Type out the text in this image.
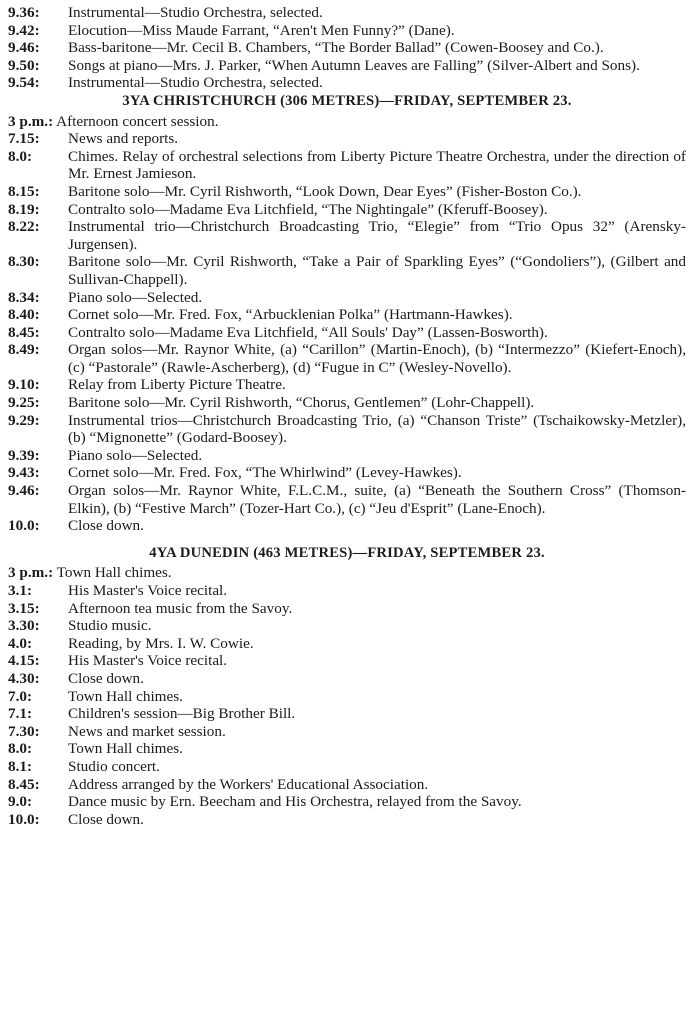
9.36: Instrumental—Studio Orchestra, selected.
9.42: Elocution—Miss Maude Farrant, “Aren't Men Funny?” (Dane).
9.46: Bass-baritone—Mr. Cecil B. Chambers, “The Border Ballad” (Cowen-Boosey and Co.).
9.50: Songs at piano—Mrs. J. Parker, “When Autumn Leaves are Falling” (Silver-Albert and Sons).
9.54: Instrumental—Studio Orchestra, selected.
3YA CHRISTCHURCH (306 METRES)—FRIDAY, SEPTEMBER 23.
3 p.m.: Afternoon concert session.
7.15: News and reports.
8.0: Chimes. Relay of orchestral selections from Liberty Picture Theatre Orchestra, under the direction of Mr. Ernest Jamieson.
8.15: Baritone solo—Mr. Cyril Rishworth, “Look Down, Dear Eyes” (Fisher-Boston Co.).
8.19: Contralto solo—Madame Eva Litchfield, “The Nightingale” (Kferuff-Boosey).
8.22: Instrumental trio—Christchurch Broadcasting Trio, “Elegie” from “Trio Opus 32” (Arensky-Jurgensen).
8.30: Baritone solo—Mr. Cyril Rishworth, “Take a Pair of Sparkling Eyes” (“Gondoliers”), (Gilbert and Sullivan-Chappell).
8.34: Piano solo—Selected.
8.40: Cornet solo—Mr. Fred. Fox, “Arbucklenian Polka” (Hartmann-Hawkes).
8.45: Contralto solo—Madame Eva Litchfield, “All Souls' Day” (Lassen-Bosworth).
8.49: Organ solos—Mr. Raynor White, (a) “Carillon” (Martin-Enoch), (b) “Intermezzo” (Kiefert-Enoch), (c) “Pastorale” (Rawle-Ascherberg), (d) “Fugue in C” (Wesley-Novello).
9.10: Relay from Liberty Picture Theatre.
9.25: Baritone solo—Mr. Cyril Rishworth, “Chorus, Gentlemen” (Lohr-Chappell).
9.29: Instrumental trios—Christchurch Broadcasting Trio, (a) “Chanson Triste” (Tschaikowsky-Metzler), (b) “Mignonette” (Godard-Boosey).
9.39: Piano solo—Selected.
9.43: Cornet solo—Mr. Fred. Fox, “The Whirlwind” (Levey-Hawkes).
9.46: Organ solos—Mr. Raynor White, F.L.C.M., suite, (a) “Beneath the Southern Cross” (Thomson-Elkin), (b) “Festive March” (Tozer-Hart Co.), (c) “Jeu d'Esprit” (Lane-Enoch).
10.0: Close down.
4YA DUNEDIN (463 METRES)—FRIDAY, SEPTEMBER 23.
3 p.m.: Town Hall chimes.
3.1: His Master's Voice recital.
3.15: Afternoon tea music from the Savoy.
3.30: Studio music.
4.0: Reading, by Mrs. I. W. Cowie.
4.15: His Master's Voice recital.
4.30: Close down.
7.0: Town Hall chimes.
7.1: Children's session—Big Brother Bill.
7.30: News and market session.
8.0: Town Hall chimes.
8.1: Studio concert.
8.45: Address arranged by the Workers' Educational Association.
9.0: Dance music by Ern. Beecham and His Orchestra, relayed from the Savoy.
10.0: Close down.
